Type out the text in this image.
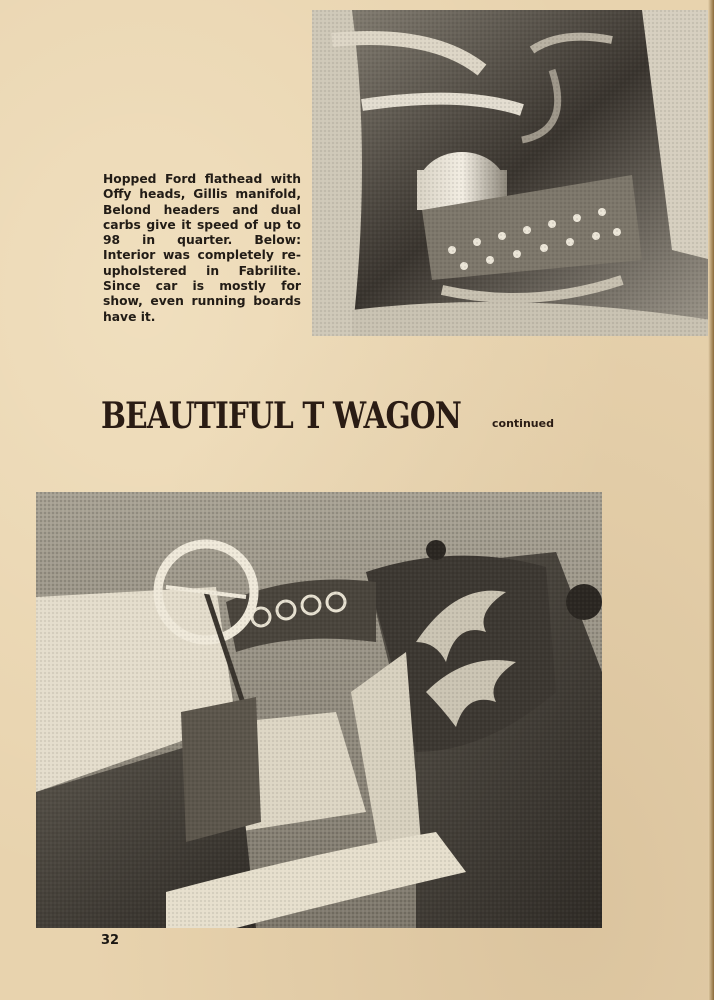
Hopped Ford flathead with Offy heads, Gillis manifold, Belond headers and dual carbs give it speed of up to 98 in quarter. Below: Interior was completely re-upholstered in Fabrilite. Since car is mostly for show, even running boards have it.

BEAUTIFUL T WAGON	continued
32
